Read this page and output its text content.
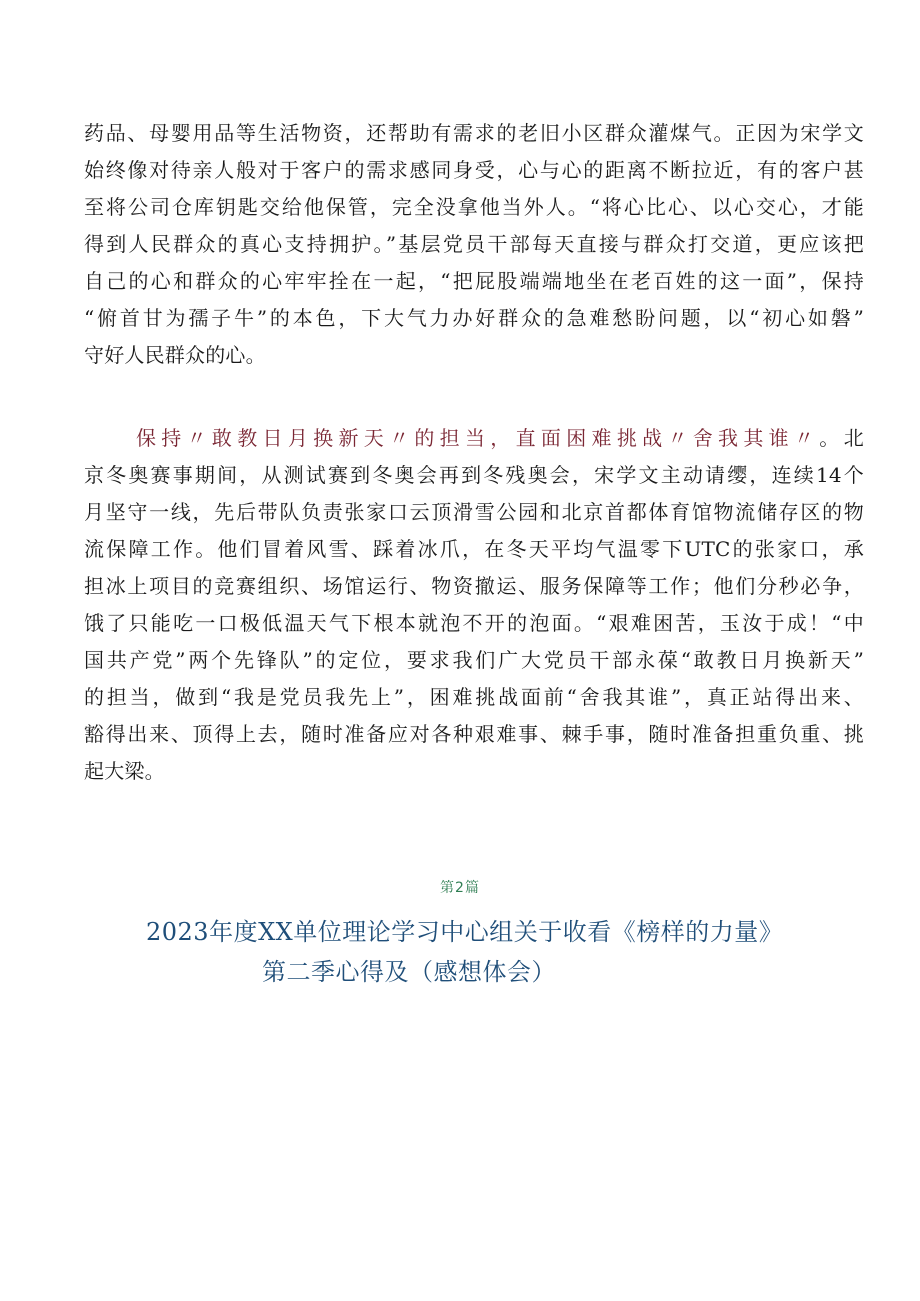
药品、母婴用品等生活物资，还帮助有需求的老旧小区群众灌煤气。正因为宋学文
始终像对待亲人般对于客户的需求感同身受，心与心的距离不断拉近，有的客户甚
至将公司仓库钥匙交给他保管，完全没拿他当外人。“将心比心、以心交心，才能
得到人民群众的真心支持拥护。”基层党员干部每天直接与群众打交道，更应该把
自己的心和群众的心牢牢拴在一起，“把屁股端端地坐在老百姓的这一面”，保持
“俯首甘为孺子牛”的本色，下大气力办好群众的急难愁盼问题，以“初心如磐”
守好人民群众的心。
保持〃敢教日月换新天〃的担当，直面困难挑战〃舍我其谁〃。北
京冬奥赛事期间，从测试赛到冬奥会再到冬残奥会，宋学文主动请缨，连续14个
月坚守一线，先后带队负责张家口云顶滑雪公园和北京首都体育馆物流储存区的物
流保障工作。他们冒着风雪、踩着冰爪，在冬天平均气温零下UTC的张家口，承
担冰上项目的竞赛组织、场馆运行、物资撤运、服务保障等工作；他们分秒必争，
饿了只能吃一口极低温天气下根本就泡不开的泡面。“艰难困苦，玉汝于成！“中
国共产党”两个先锋队”的定位，要求我们广大党员干部永葆“敢教日月换新天”
的担当，做到“我是党员我先上”，困难挑战面前“舍我其谁”，真正站得出来、
豁得出来、顶得上去，随时准备应对各种艰难事、棘手事，随时准备担重负重、挑
起大梁。
第2篇
2023年度XX单位理论学习中心组关于收看《榜样的力量》
第二季心得及（感想体会）
